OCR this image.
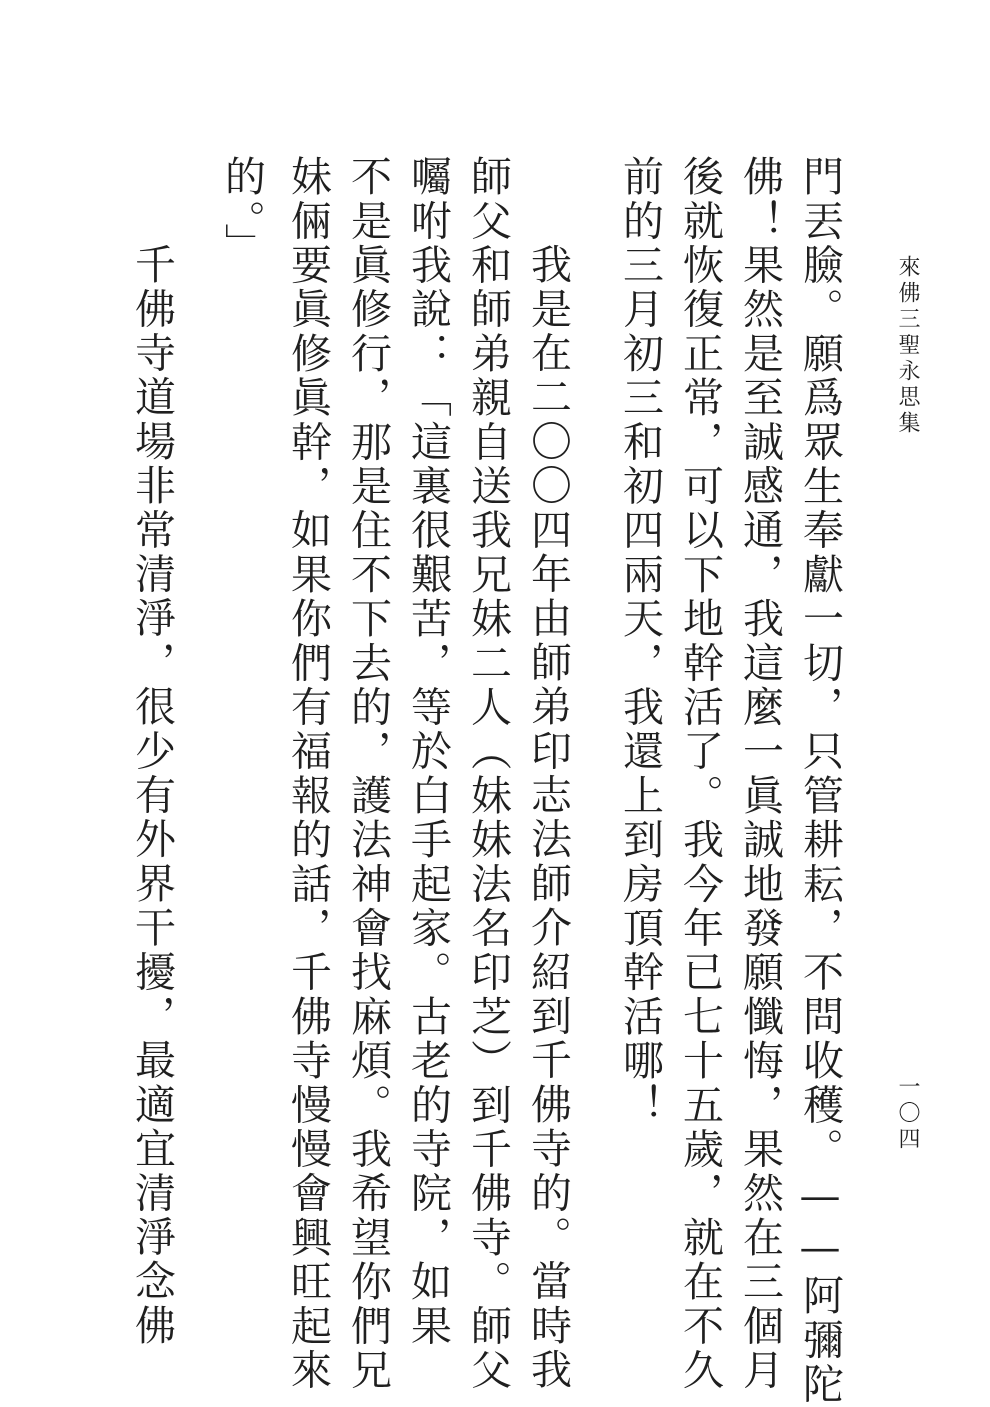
來佛三聖永思集
一〇四
門丟臉。願爲眾生奉獻一切，只管耕耘，不問收穫。——阿彌陀
佛！果然是至誠感通，我這麼一眞誠地發願懺悔，果然在三個月
後就恢復正常，可以下地幹活了。我今年已七十五歲，就在不久
前的三月初三和初四兩天，我還上到房頂幹活哪！
我是在二〇〇四年由師弟印志法師介紹到千佛寺的。當時我
師父和師弟親自送我兄妹二人（妹妹法名印芝）到千佛寺。師父
囑咐我說：「這裏很艱苦，等於白手起家。古老的寺院，如果
不是眞修行，那是住不下去的，護法神會找麻煩。我希望你們兄
妹倆要眞修眞幹，如果你們有福報的話，千佛寺慢慢會興旺起來
的。」
千佛寺道場非常清淨，很少有外界干擾，最適宜清淨念佛
